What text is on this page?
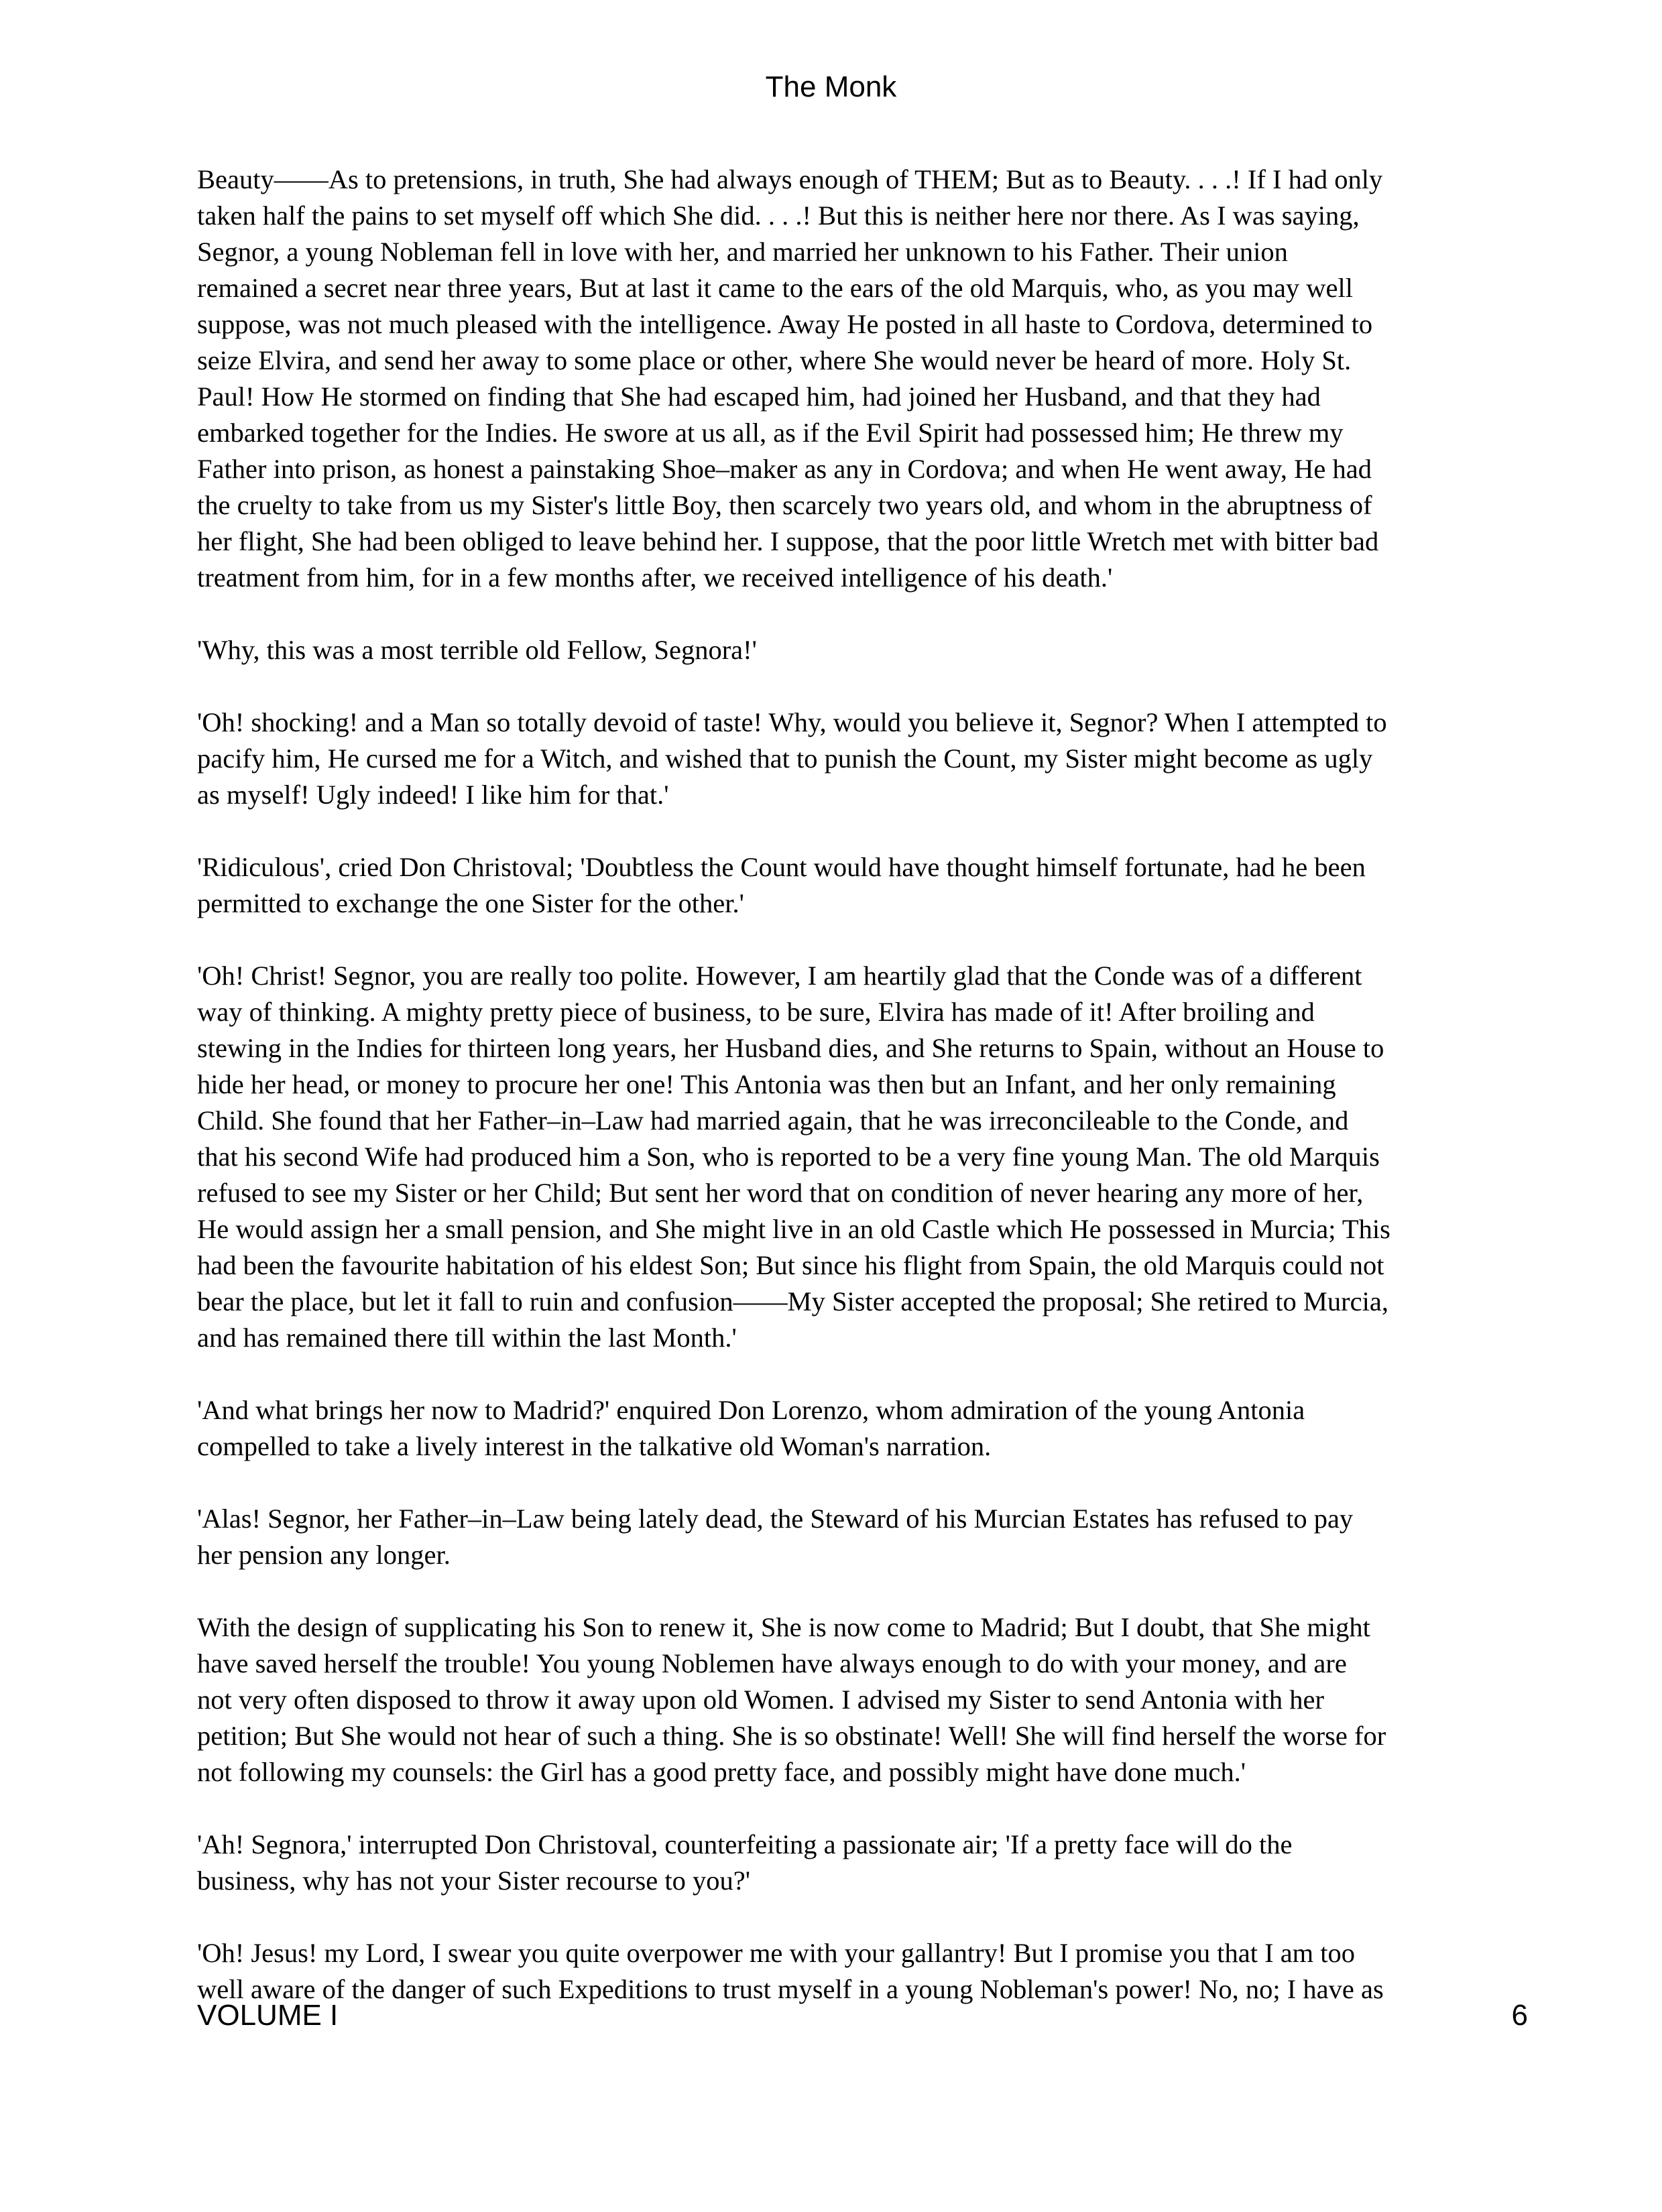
The Monk

Beauty——As to pretensions, in truth, She had always enough of THEM; But as to Beauty. . . .! If I had only
taken half the pains to set myself off which She did. . . .! But this is neither here nor there. As I was saying,
Segnor, a young Nobleman fell in love with her, and married her unknown to his Father. Their union
remained a secret near three years, But at last it came to the ears of the old Marquis, who, as you may well
suppose, was not much pleased with the intelligence. Away He posted in all haste to Cordova, determined to
seize Elvira, and send her away to some place or other, where She would never be heard of more. Holy St.
Paul! How He stormed on finding that She had escaped him, had joined her Husband, and that they had
embarked together for the Indies. He swore at us all, as if the Evil Spirit had possessed him; He threw my
Father into prison, as honest a painstaking Shoe–maker as any in Cordova; and when He went away, He had
the cruelty to take from us my Sister's little Boy, then scarcely two years old, and whom in the abruptness of
her flight, She had been obliged to leave behind her. I suppose, that the poor little Wretch met with bitter bad
treatment from him, for in a few months after, we received intelligence of his death.'

'Why, this was a most terrible old Fellow, Segnora!'

'Oh! shocking! and a Man so totally devoid of taste! Why, would you believe it, Segnor? When I attempted to
pacify him, He cursed me for a Witch, and wished that to punish the Count, my Sister might become as ugly
as myself! Ugly indeed! I like him for that.'

'Ridiculous', cried Don Christoval; 'Doubtless the Count would have thought himself fortunate, had he been
permitted to exchange the one Sister for the other.'

'Oh! Christ! Segnor, you are really too polite. However, I am heartily glad that the Conde was of a different
way of thinking. A mighty pretty piece of business, to be sure, Elvira has made of it! After broiling and
stewing in the Indies for thirteen long years, her Husband dies, and She returns to Spain, without an House to
hide her head, or money to procure her one! This Antonia was then but an Infant, and her only remaining
Child. She found that her Father–in–Law had married again, that he was irreconcileable to the Conde, and
that his second Wife had produced him a Son, who is reported to be a very fine young Man. The old Marquis
refused to see my Sister or her Child; But sent her word that on condition of never hearing any more of her,
He would assign her a small pension, and She might live in an old Castle which He possessed in Murcia; This
had been the favourite habitation of his eldest Son; But since his flight from Spain, the old Marquis could not
bear the place, but let it fall to ruin and confusion——My Sister accepted the proposal; She retired to Murcia,
and has remained there till within the last Month.'

'And what brings her now to Madrid?' enquired Don Lorenzo, whom admiration of the young Antonia
compelled to take a lively interest in the talkative old Woman's narration.

'Alas! Segnor, her Father–in–Law being lately dead, the Steward of his Murcian Estates has refused to pay
her pension any longer.

With the design of supplicating his Son to renew it, She is now come to Madrid; But I doubt, that She might
have saved herself the trouble! You young Noblemen have always enough to do with your money, and are
not very often disposed to throw it away upon old Women. I advised my Sister to send Antonia with her
petition; But She would not hear of such a thing. She is so obstinate! Well! She will find herself the worse for
not following my counsels: the Girl has a good pretty face, and possibly might have done much.'

'Ah! Segnora,' interrupted Don Christoval, counterfeiting a passionate air; 'If a pretty face will do the
business, why has not your Sister recourse to you?'

'Oh! Jesus! my Lord, I swear you quite overpower me with your gallantry! But I promise you that I am too
well aware of the danger of such Expeditions to trust myself in a young Nobleman's power! No, no; I have as

VOLUME I	6
